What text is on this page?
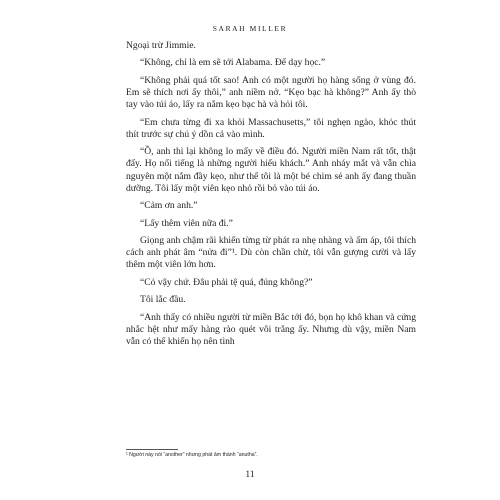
SARAH MILLER

Ngoại trừ Jimmie.

“Không, chỉ là em sẽ tới Alabama. Để dạy học.”

“Không phải quá tốt sao! Anh có một người họ hàng sống ở vùng đó. Em sẽ thích nơi ấy thôi,” anh niềm nở. “Kẹo bạc hà không?” Anh ấy thò tay vào túi áo, lấy ra nắm kẹo bạc hà và hỏi tôi.

“Em chưa từng đi xa khỏi Massachusetts,” tôi nghẹn ngào, khóc thút thít trước sự chú ý dồn cả vào mình.

“Ồ, anh thì lại không lo mấy về điều đó. Người miền Nam rất tốt, thật đấy. Họ nổi tiếng là những người hiếu khách.” Anh nháy mắt và vẫn chìa nguyên một nắm đầy kẹo, như thể tôi là một bé chim sẻ anh ấy đang thuần dưỡng. Tôi lấy một viên kẹo nhỏ rồi bỏ vào túi áo.

“Cảm ơn anh.”

“Lấy thêm viên nữa đi.”

Giọng anh chậm rãi khiến từng từ phát ra nhẹ nhàng và ấm áp, tôi thích cách anh phát âm “nửa đi”¹. Dù còn chần chừ, tôi vẫn gượng cười và lấy thêm một viên lớn hơn.

“Có vậy chứ. Đâu phải tệ quá, đúng không?”

Tôi lắc đầu.

“Anh thấy có nhiều người từ miền Bắc tới đó, bọn họ khô khan và cứng nhắc hệt như mấy hàng rào quét vôi trắng ấy. Nhưng dù vậy, miền Nam vẫn có thể khiến họ nên tình

¹ Người này nói “another” nhưng phát âm thành “anutha”.
11
